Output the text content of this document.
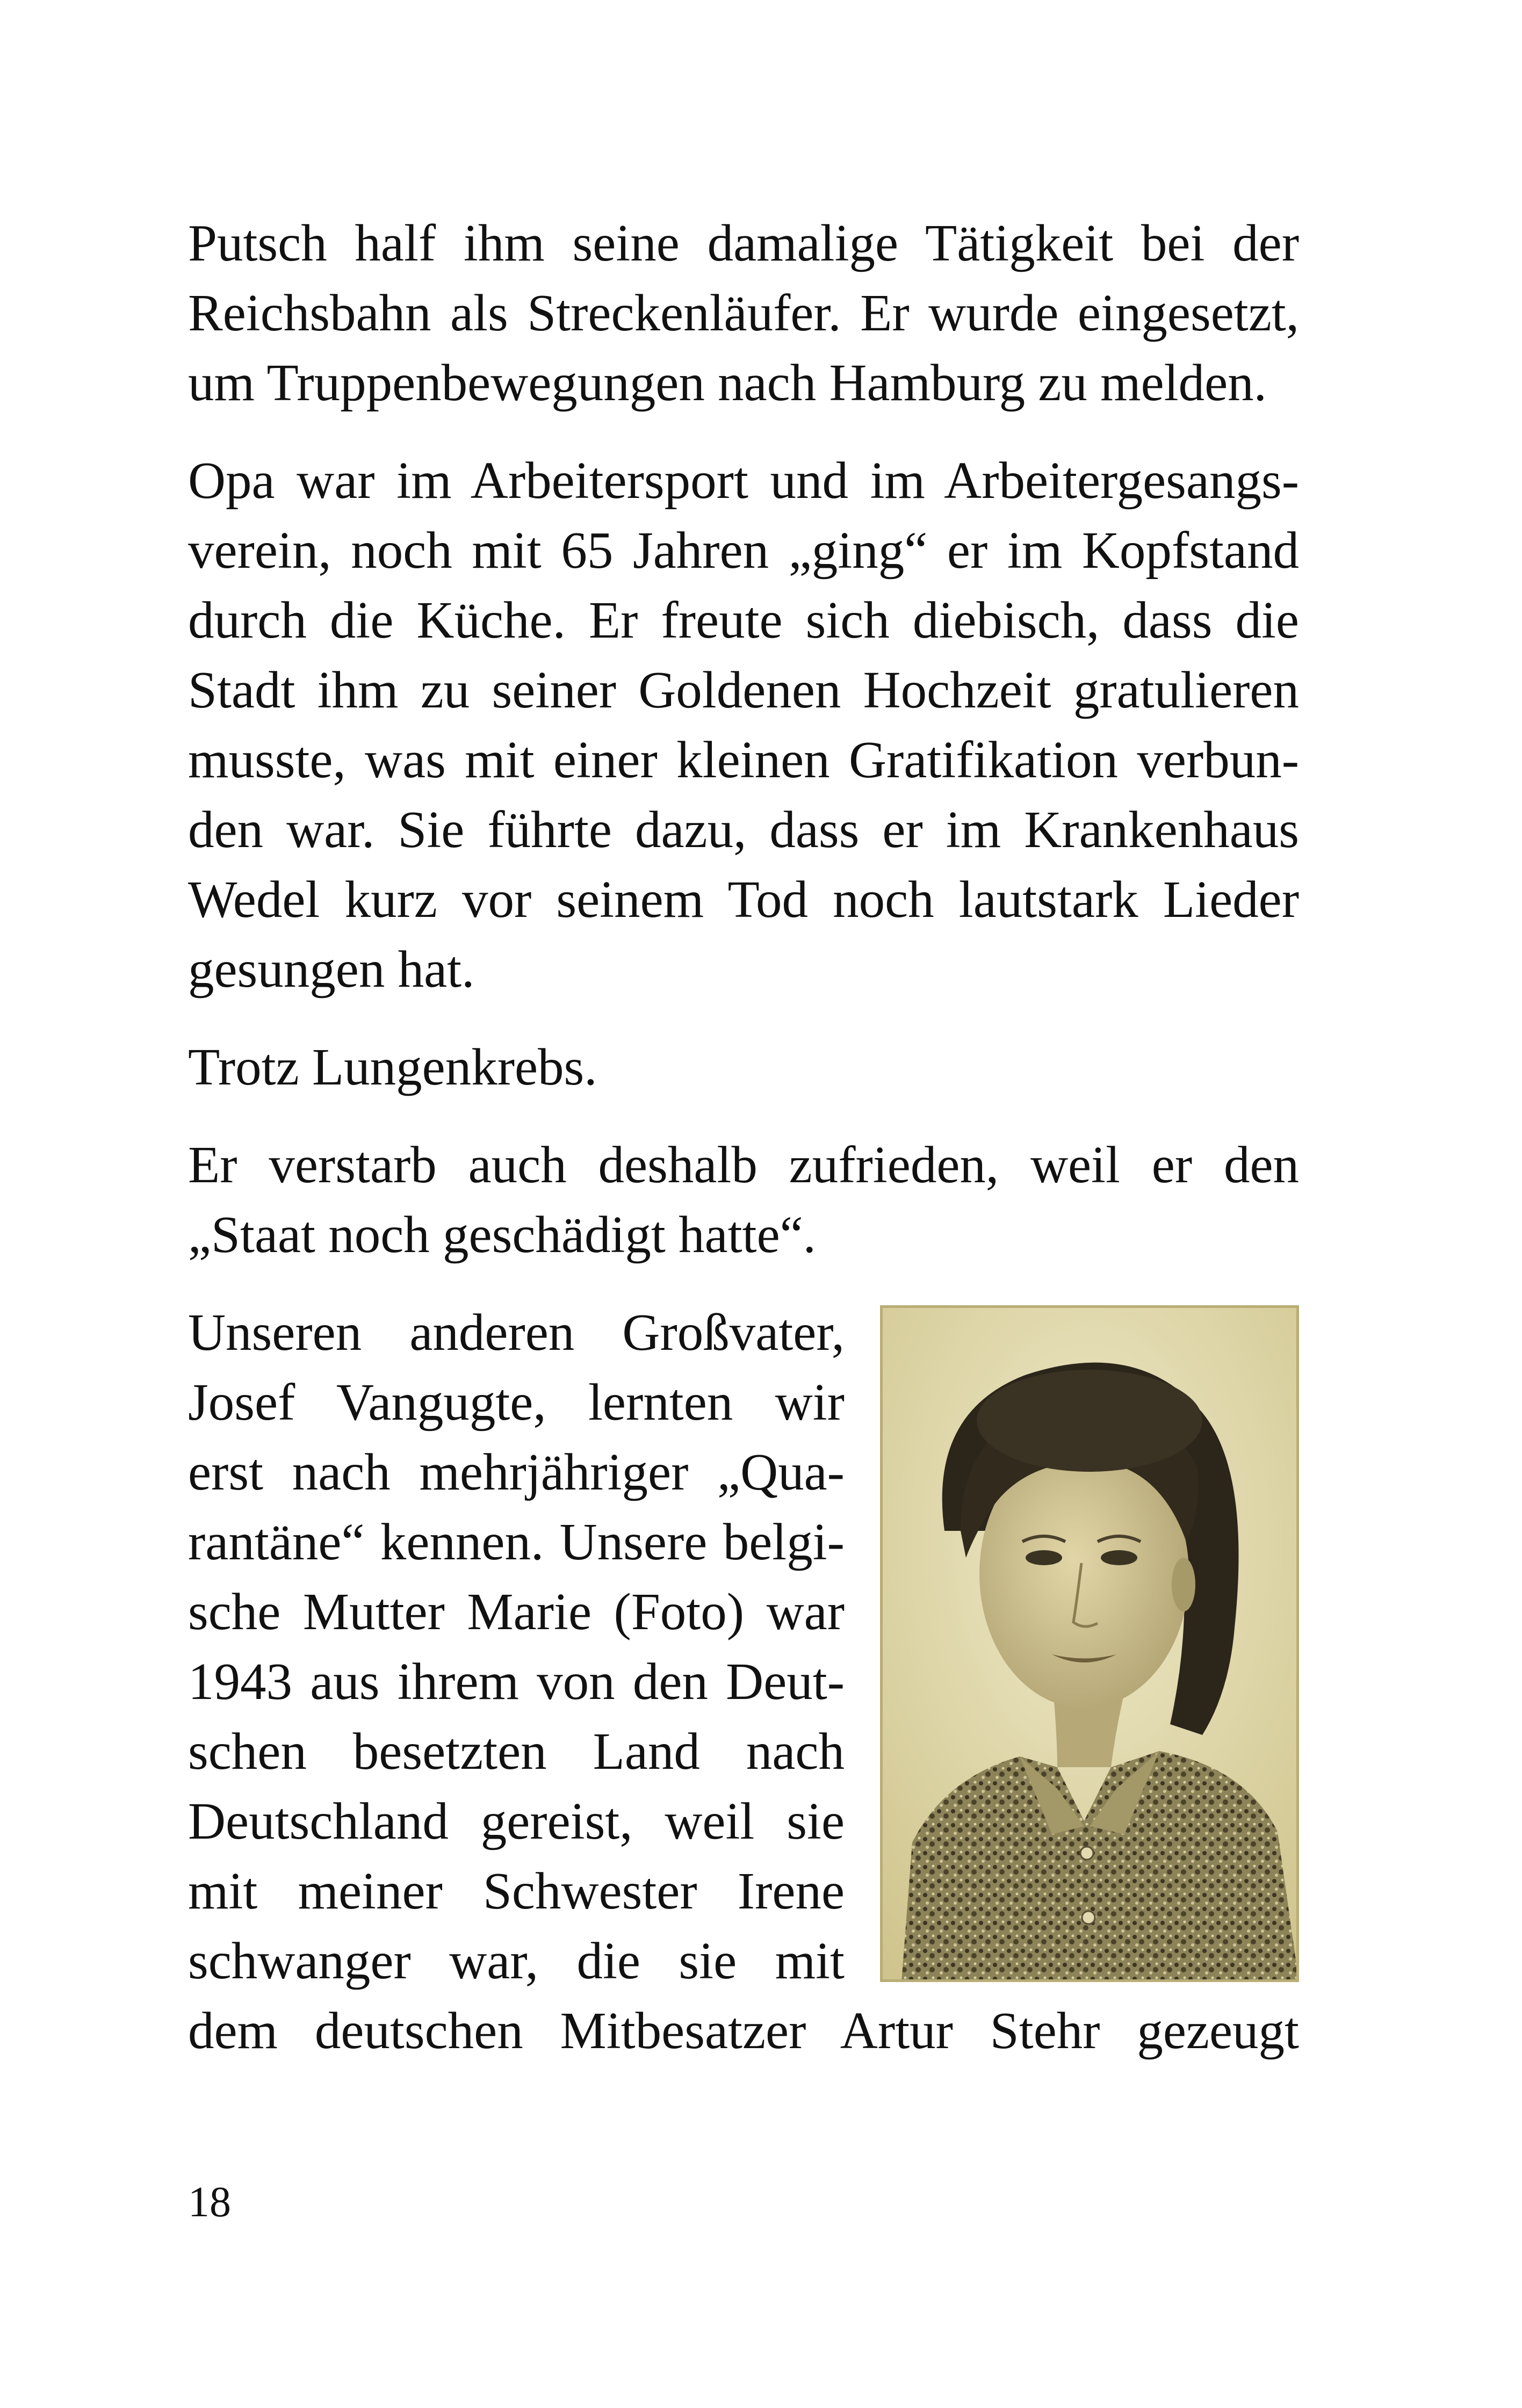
Putsch half ihm seine damalige Tätigkeit bei der
Reichsbahn als Streckenläufer. Er wurde eingesetzt,
um Truppenbewegungen nach Hamburg zu melden.
Opa war im Arbeitersport und im Arbeitergesangs-
verein, noch mit 65 Jahren „ging“ er im Kopfstand
durch die Küche. Er freute sich diebisch, dass die
Stadt ihm zu seiner Goldenen Hochzeit gratulieren
musste, was mit einer kleinen Gratifikation verbun-
den war. Sie führte dazu, dass er im Krankenhaus
Wedel kurz vor seinem Tod noch lautstark Lieder
gesungen hat.
Trotz Lungenkrebs.
Er verstarb auch deshalb zufrieden, weil er den
„Staat noch geschädigt hatte“.
Unseren anderen Großvater,
Josef Vangugte, lernten wir
erst nach mehrjähriger „Qua-
rantäne“ kennen. Unsere belgi-
sche Mutter Marie (Foto) war
1943 aus ihrem von den Deut-
schen besetzten Land nach
Deutschland gereist, weil sie
mit meiner Schwester Irene
schwanger war, die sie mit
dem deutschen Mitbesatzer Artur Stehr gezeugt
18
